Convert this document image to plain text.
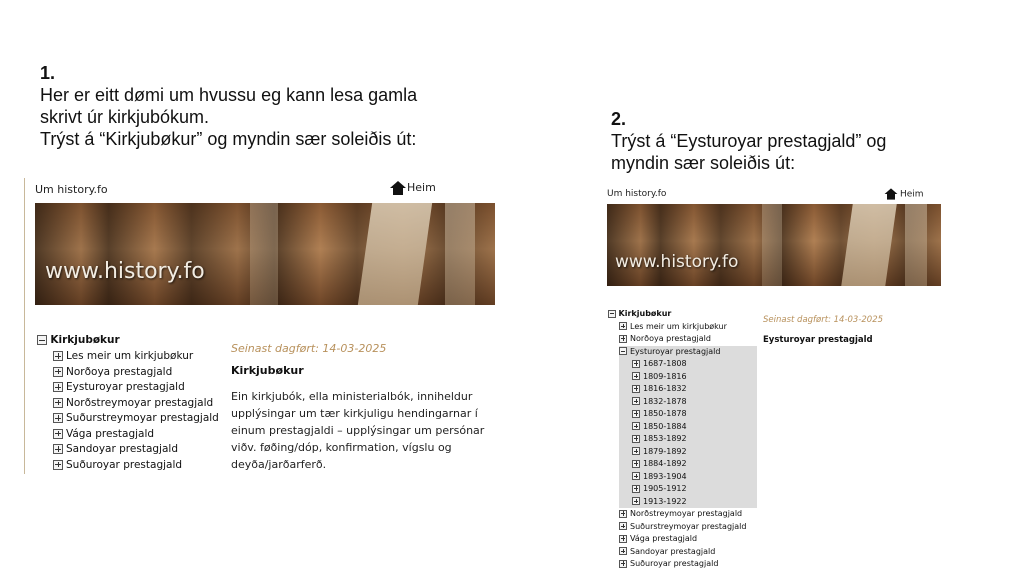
1.
Her er eitt dømi um hvussu eg kann lesa gamla
skrivt úr kirkjubókum.
Trýst á “Kirkjubøkur” og myndin sær soleiðis út:
2.
Trýst á “Eysturoyar prestagjald” og
myndin sær soleiðis út:
Um history.fo	Heim
www.history.fo
Kirkjubøkur
Les meir um kirkjubøkur
Norðoya prestagjald
Eysturoyar prestagjald
Norðstreymoyar prestagjald
Suðurstreymoyar prestagjald
Vága prestagjald
Sandoyar prestagjald
Suðuroyar prestagjald
Seinast dagført: 14-03-2025
Kirkjubøkur
Ein kirkjubók, ella ministerialbók, inniheldur
upplýsingar um tær kirkjuligu hendingarnar í
einum prestagjaldi – upplýsingar um persónar
viðv. føðing/dóp, konfirmation, vígslu og
deyða/jarðarferð.
Um history.fo	Heim
www.history.fo
Kirkjubøkur
Les meir um kirkjubøkur
Norðoya prestagjald
Eysturoyar prestagjald
1687-1808
1809-1816
1816-1832
1832-1878
1850-1878
1850-1884
1853-1892
1879-1892
1884-1892
1893-1904
1905-1912
1913-1922
Norðstreymoyar prestagjald
Suðurstreymoyar prestagjald
Vága prestagjald
Sandoyar prestagjald
Suðuroyar prestagjald
Seinast dagført: 14-03-2025
Eysturoyar prestagjald
